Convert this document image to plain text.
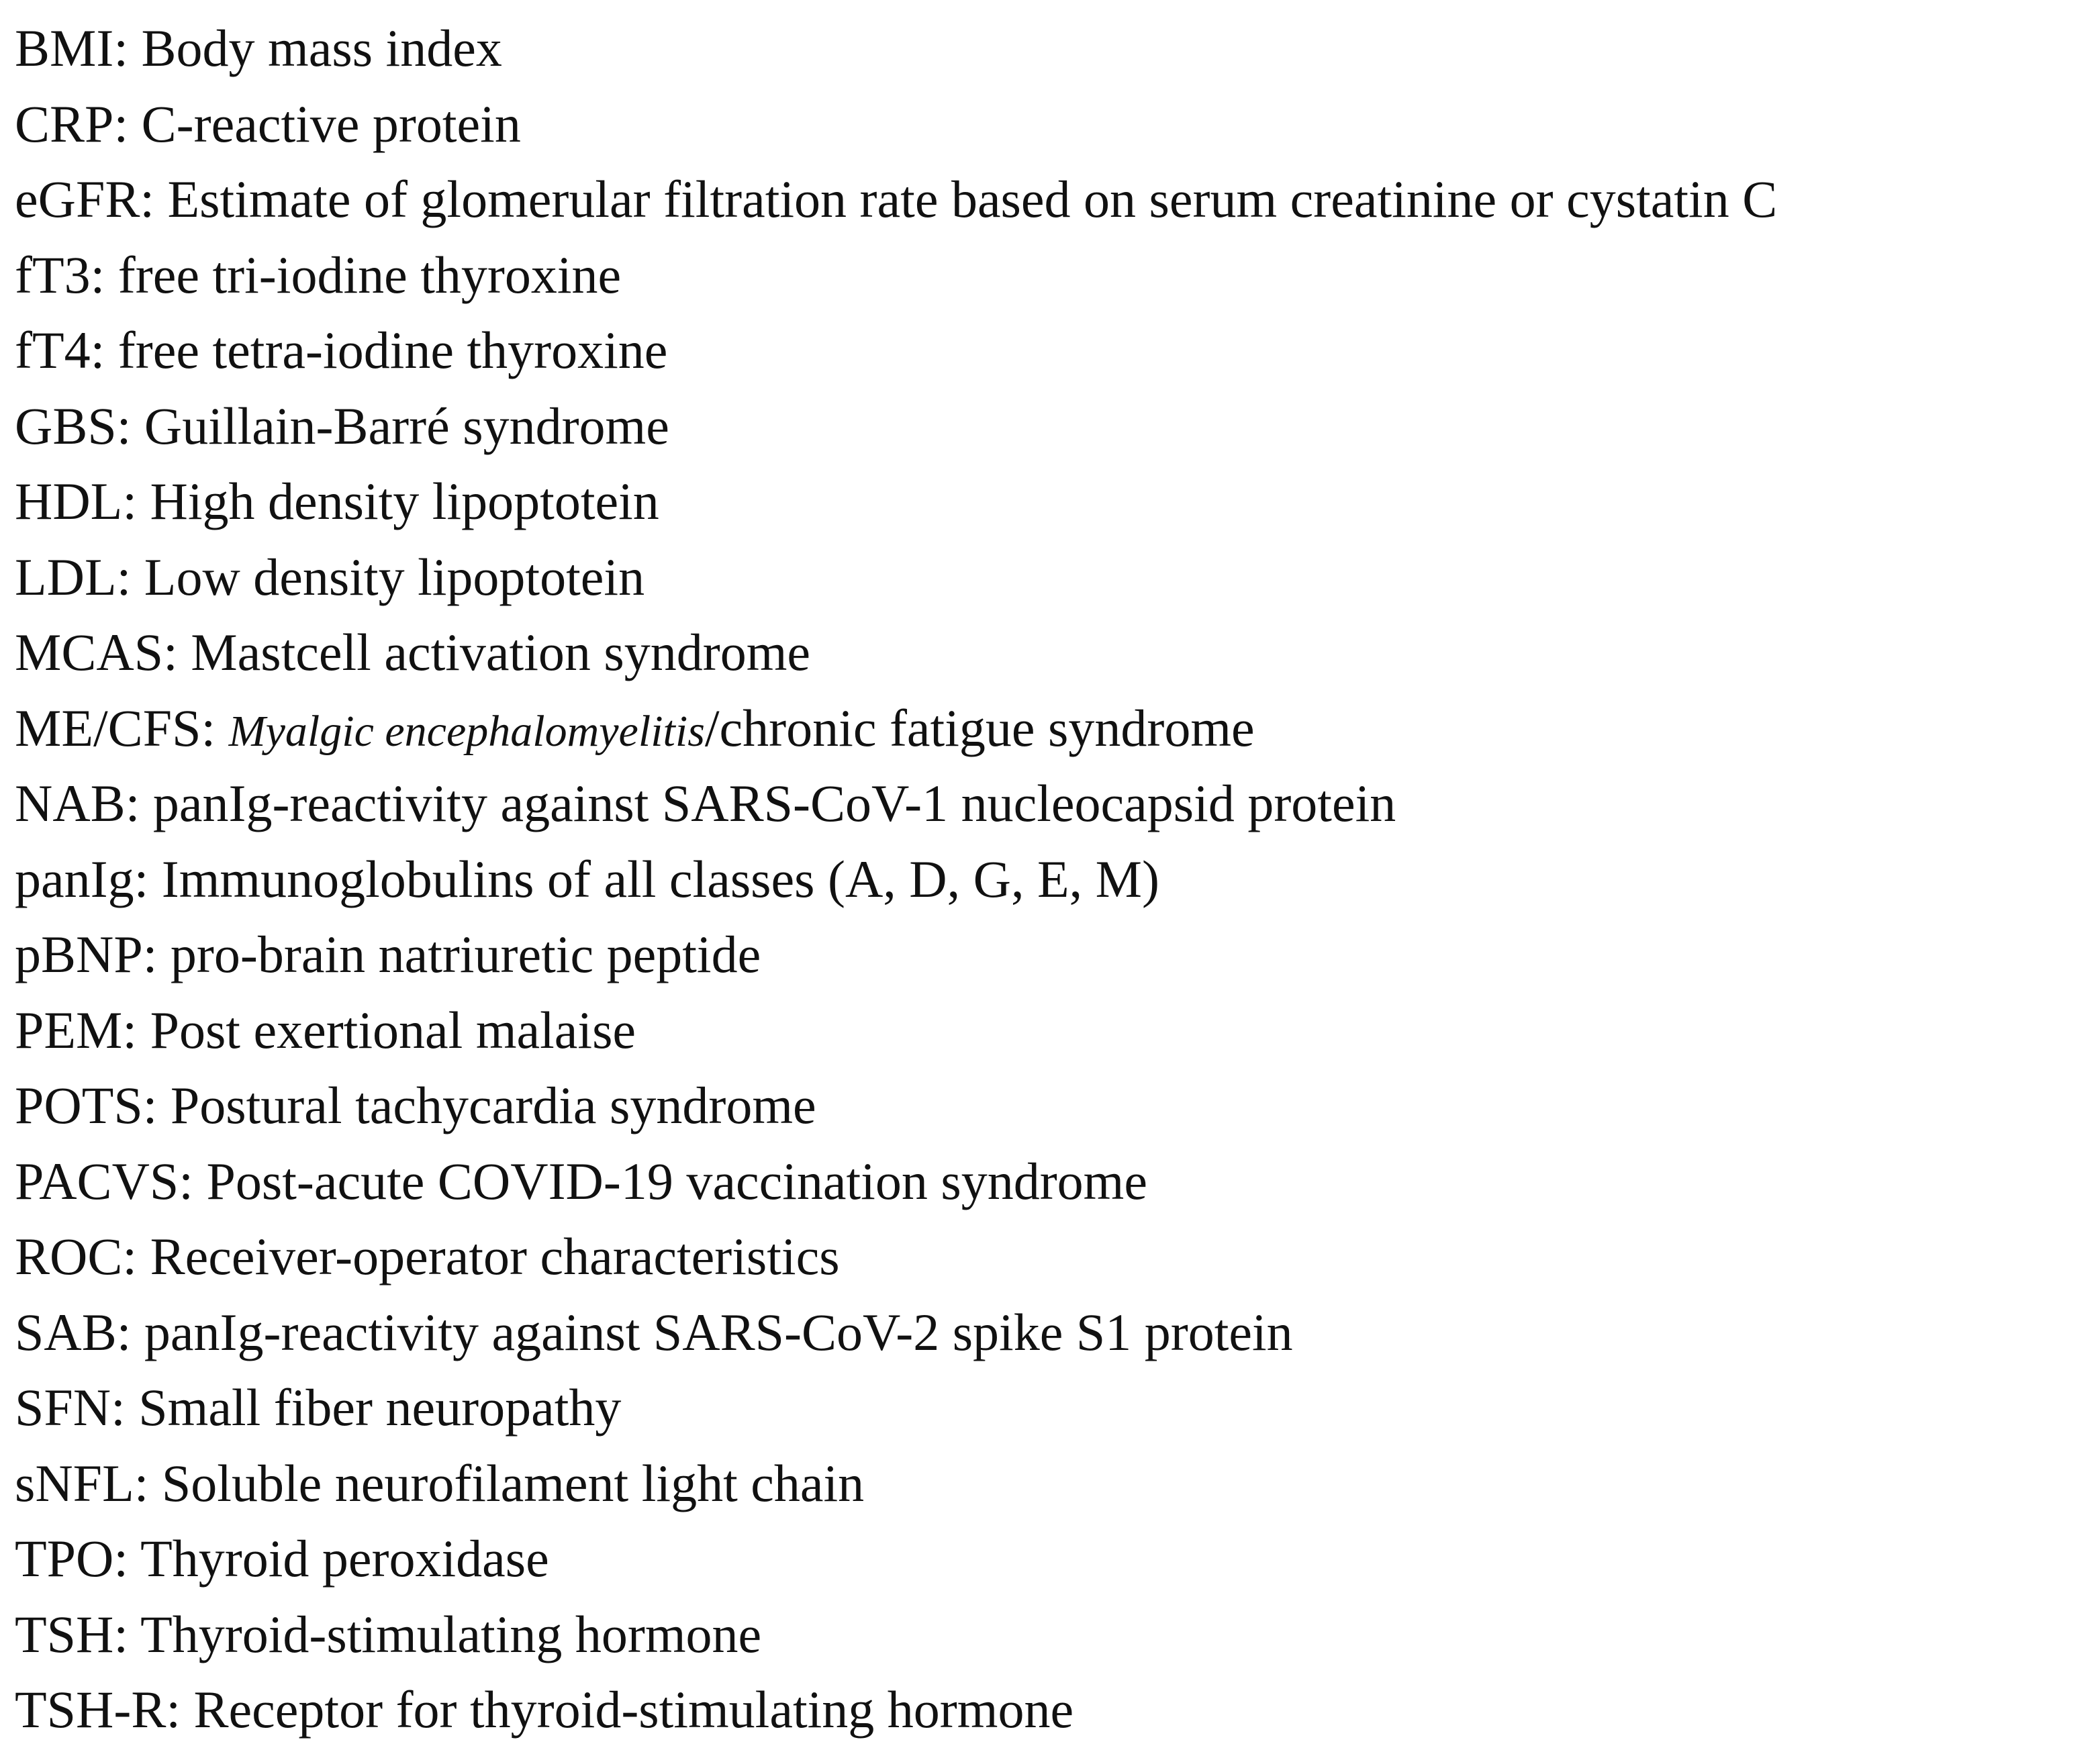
BMI: Body mass index
CRP: C-reactive protein
eGFR: Estimate of glomerular filtration rate based on serum creatinine or cystatin C
fT3: free tri-iodine thyroxine
fT4: free tetra-iodine thyroxine
GBS: Guillain-Barré syndrome
HDL: High density lipoptotein
LDL: Low density lipoptotein
MCAS: Mastcell activation syndrome
ME/CFS: Myalgic encephalomyelitis/chronic fatigue syndrome
NAB: panIg-reactivity against SARS-CoV-1 nucleocapsid protein
panIg: Immunoglobulins of all classes (A, D, G, E, M)
pBNP: pro-brain natriuretic peptide
PEM: Post exertional malaise
POTS: Postural tachycardia syndrome
PACVS: Post-acute COVID-19 vaccination syndrome
ROC: Receiver-operator characteristics
SAB: panIg-reactivity against SARS-CoV-2 spike S1 protein
SFN: Small fiber neuropathy
sNFL: Soluble neurofilament light chain
TPO: Thyroid peroxidase
TSH: Thyroid-stimulating hormone
TSH-R: Receptor for thyroid-stimulating hormone
